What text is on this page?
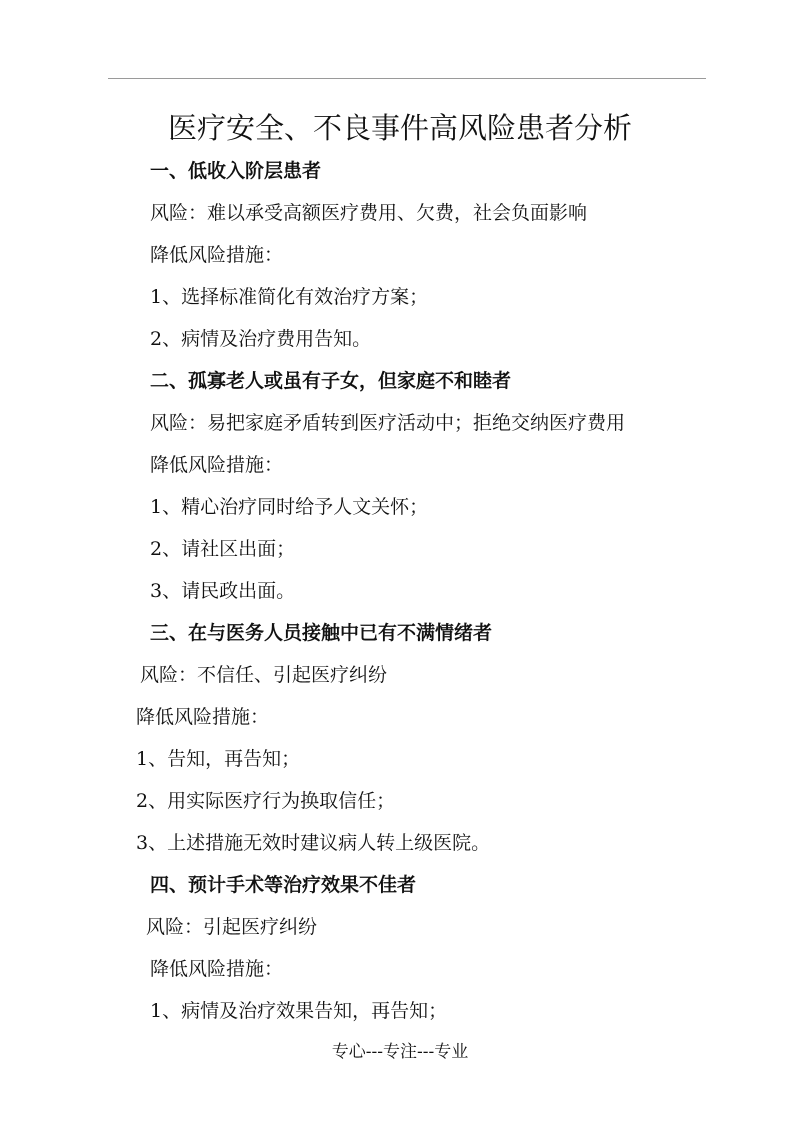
医疗安全、不良事件高风险患者分析

一、低收入阶层患者

风险：难以承受高额医疗费用、欠费，社会负面影响

降低风险措施：

1、选择标准简化有效治疗方案；

2、病情及治疗费用告知。

二、孤寡老人或虽有子女，但家庭不和睦者

风险：易把家庭矛盾转到医疗活动中；拒绝交纳医疗费用

降低风险措施：

1、精心治疗同时给予人文关怀；

2、请社区出面；

3、请民政出面。

三、在与医务人员接触中已有不满情绪者

风险：不信任、引起医疗纠纷

降低风险措施：

1、告知，再告知；

2、用实际医疗行为换取信任；

3、上述措施无效时建议病人转上级医院。

四、预计手术等治疗效果不佳者

风险：引起医疗纠纷

降低风险措施：

1、病情及治疗效果告知，再告知；

专心---专注---专业
